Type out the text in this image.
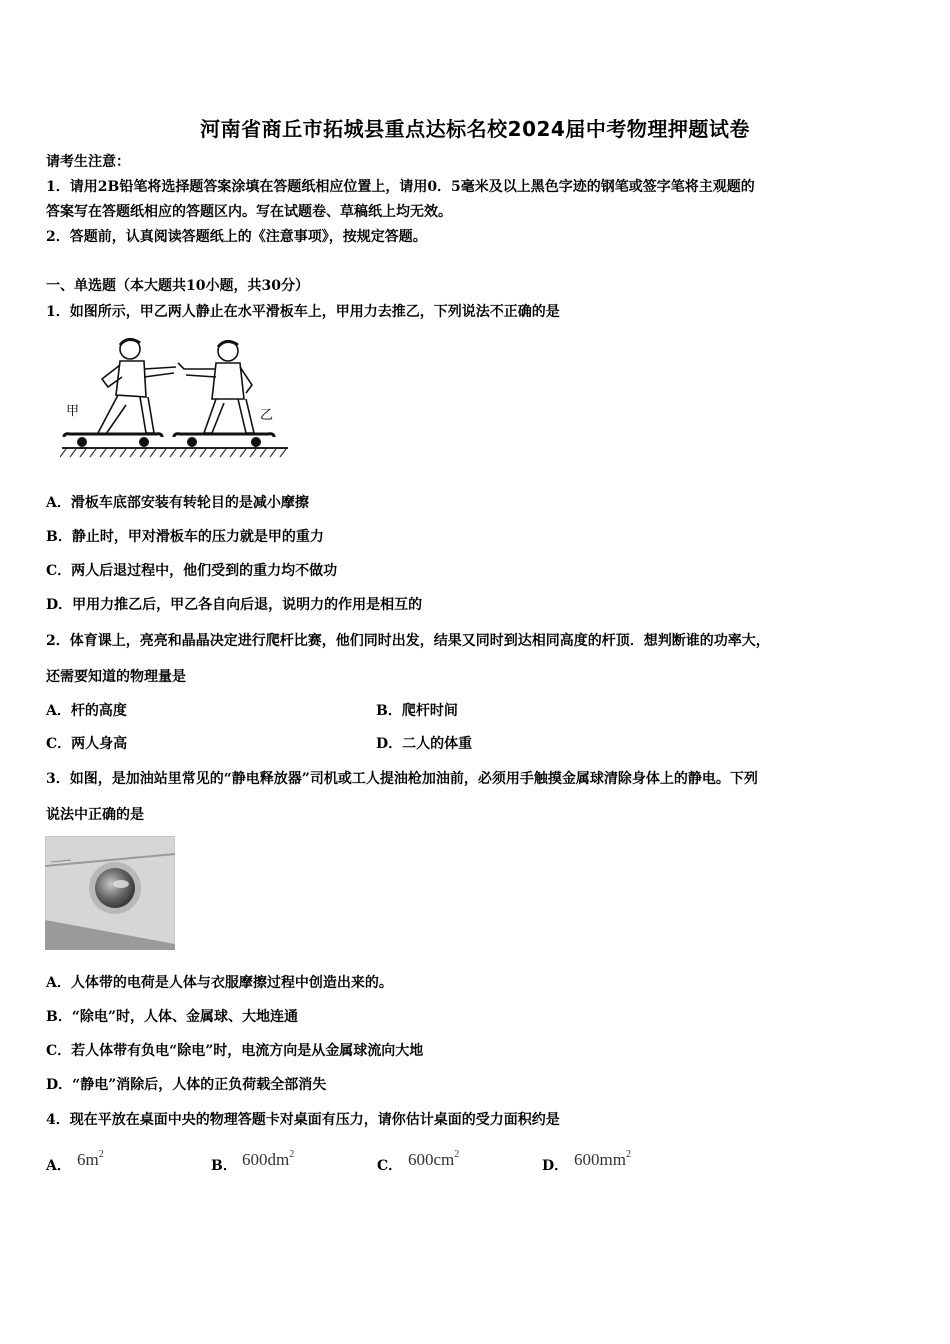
河南省商丘市拓城县重点达标名校2024届中考物理押题试卷
请考生注意：
1．请用2B铅笔将选择题答案涂填在答题纸相应位置上，请用0．5毫米及以上黑色字迹的钢笔或签字笔将主观题的
答案写在答题纸相应的答题区内。写在试题卷、草稿纸上均无效。
2．答题前，认真阅读答题纸上的《注意事项》，按规定答题。
一、单选题（本大题共10小题，共30分）
1．如图所示，甲乙两人静止在水平滑板车上，甲用力去推乙，下列说法不正确的是
甲	乙
A．滑板车底部安装有转轮目的是减小摩擦
B．静止时，甲对滑板车的压力就是甲的重力
C．两人后退过程中，他们受到的重力均不做功
D．甲用力推乙后，甲乙各自向后退，说明力的作用是相互的
2．体育课上，亮亮和晶晶决定进行爬杆比赛，他们同时出发，结果又同时到达相同高度的杆顶．想判断谁的功率大，
还需要知道的物理量是
A．杆的高度	B．爬杆时间
C．两人身高	D．二人的体重
3．如图，是加油站里常见的“静电释放器”司机或工人提油枪加油前，必须用手触摸金属球清除身体上的静电。下列
说法中正确的是
A．人体带的电荷是人体与衣服摩擦过程中创造出来的。
B．“除电”时，人体、金属球、大地连通
C．若人体带有负电“除电”时，电流方向是从金属球流向大地
D．“静电”消除后，人体的正负荷载全部消失
4．现在平放在桌面中央的物理答题卡对桌面有压力，请你估计桌面的受力面积约是
A． $6m^2$
B． $600dm^2$
C． $600cm^2$
D． $600mm^2$
